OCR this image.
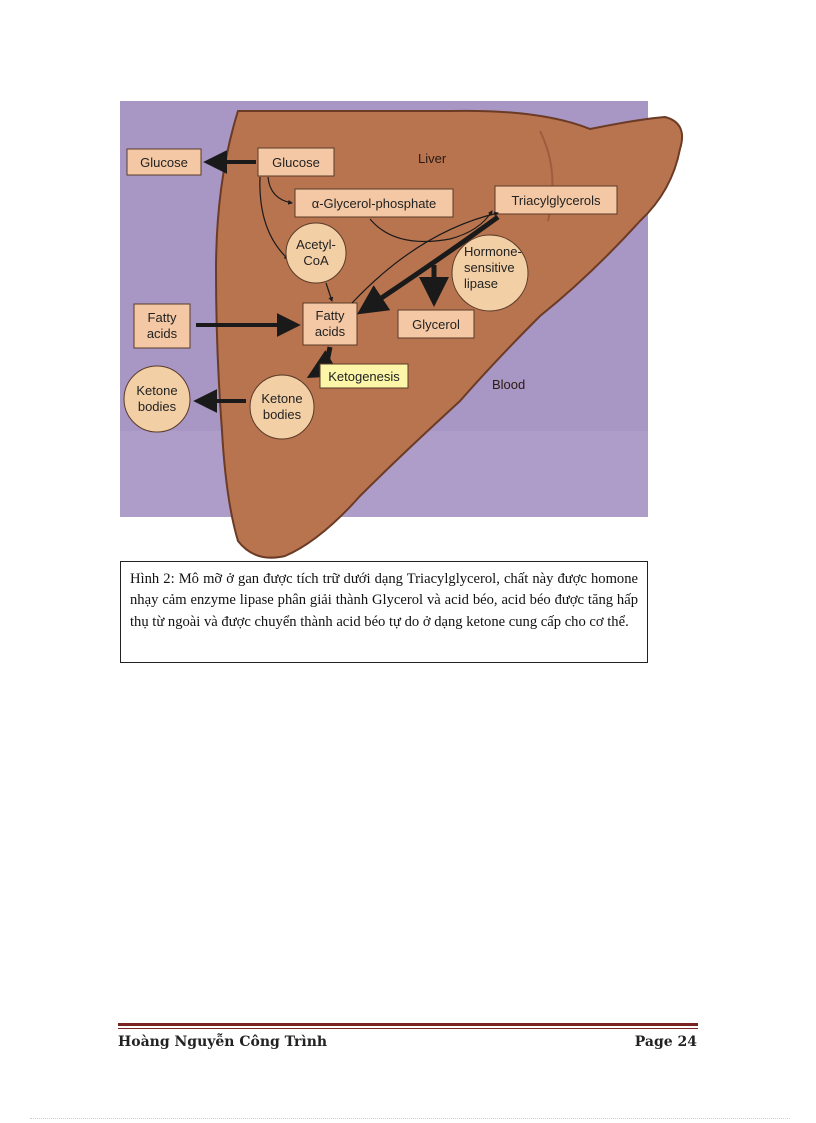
Liver
Blood
Glucose	Glucose
α-Glycerol-phosphate	Triacylglycerols
Acetyl-
CoA
Hormone-
sensitive
lipase
Fatty
acids
Fatty
acids	Glycerol
Ketogenesis
Ketone
bodies
Ketone
bodies

Hình 2: Mô mỡ ở gan được tích trữ dưới dạng Triacylglycerol, chất này được homone nhạy cảm enzyme lipase phân giải thành Glycerol và acid béo, acid béo được tăng hấp thụ từ ngoài và được chuyển thành acid béo tự do ở dạng ketone cung cấp cho cơ thể.

Hoàng Nguyễn Công Trình	Page 24
